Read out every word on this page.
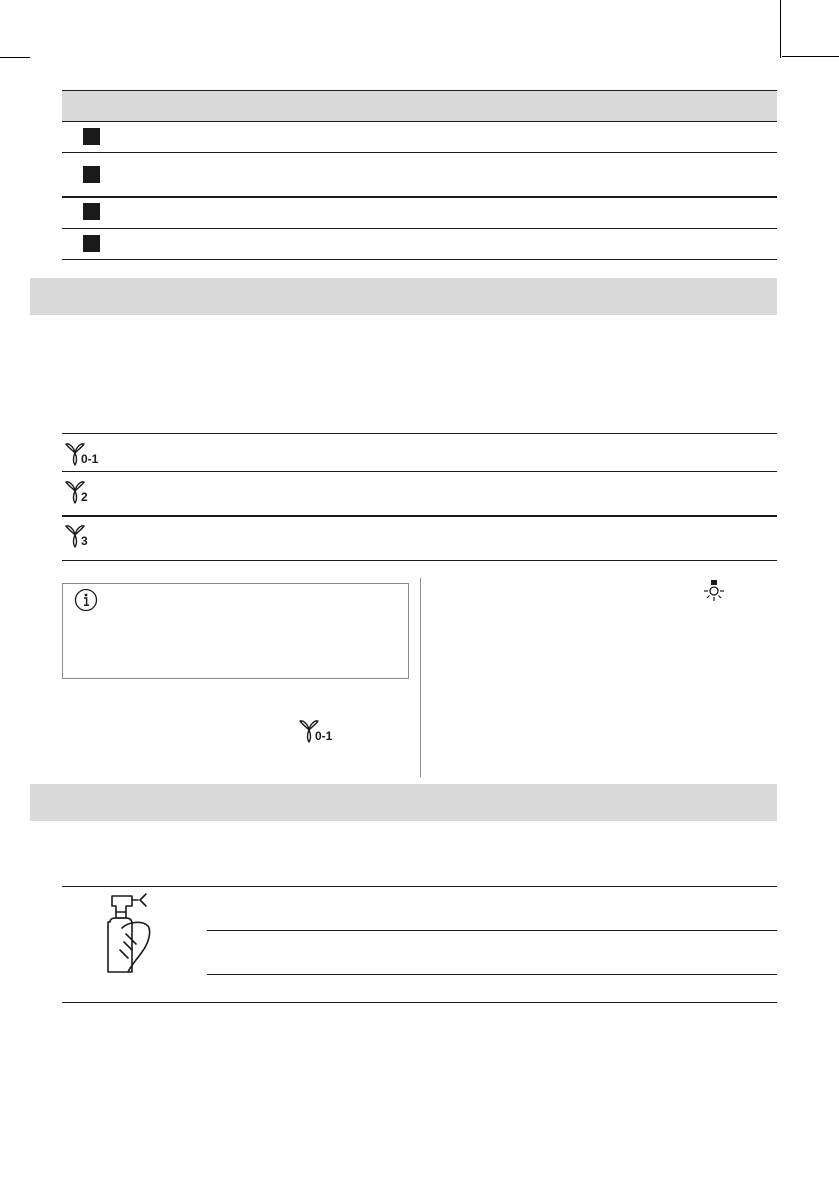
0-1
2
3
0-1
